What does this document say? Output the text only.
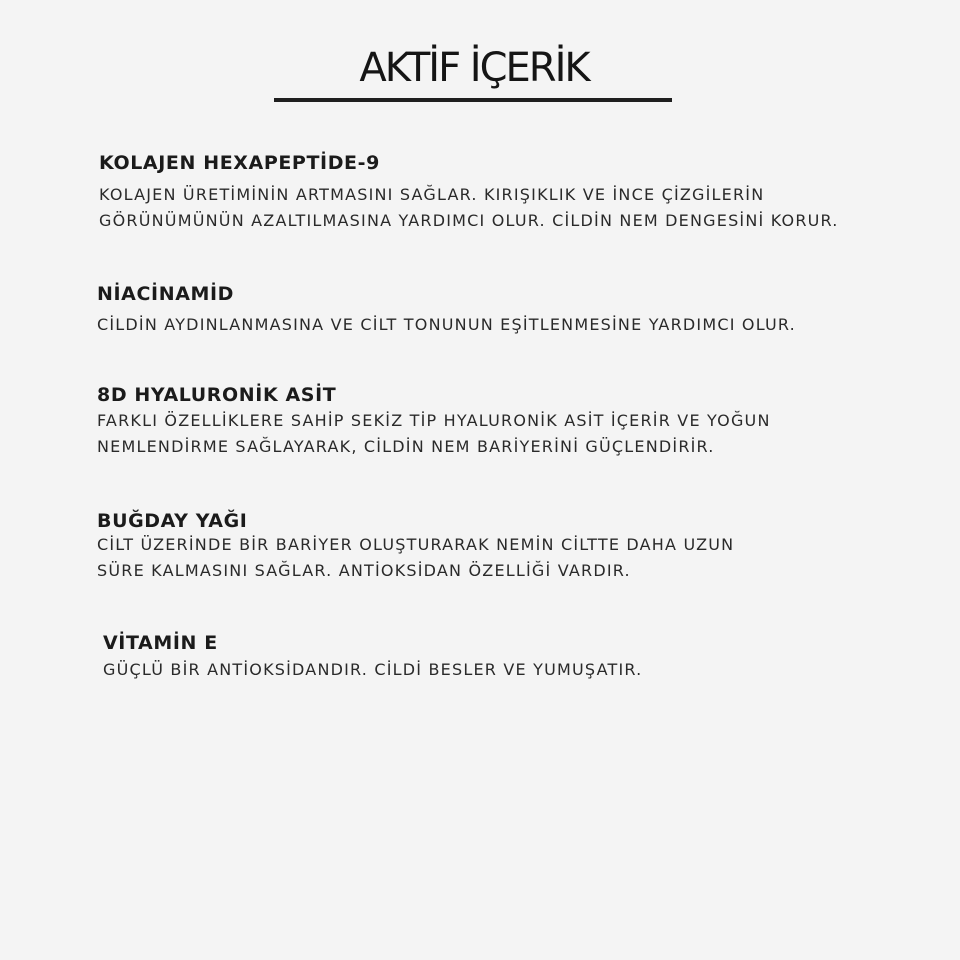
AKTİF İÇERİK
KOLAJEN HEXAPEPTİDE-9
KOLAJEN ÜRETİMİNİN ARTMASINI SAĞLAR. KIRIŞIKLIK VE İNCE ÇİZGİLERİN
GÖRÜNÜMÜNÜN AZALTILMASINA YARDIMCI OLUR. CİLDİN NEM DENGESİNİ KORUR.
NİACİNAMİD
CİLDİN AYDINLANMASINA VE CİLT TONUNUN EŞİTLENMESİNE YARDIMCI OLUR.
8D HYALURONİK ASİT
FARKLI ÖZELLİKLERE SAHİP SEKİZ TİP HYALURONİK ASİT İÇERİR VE YOĞUN
NEMLENDİRME SAĞLAYARAK, CİLDİN NEM BARİYERİNİ GÜÇLENDİRİR.
BUĞDAY YAĞI
CİLT ÜZERİNDE BİR BARİYER OLUŞTURARAK NEMİN CİLTTE DAHA UZUN
SÜRE KALMASINI SAĞLAR. ANTİOKSİDAN ÖZELLİĞİ VARDIR.
VİTAMİN E
GÜÇLÜ BİR ANTİOKSİDANDIR. CİLDİ BESLER VE YUMUŞATIR.
